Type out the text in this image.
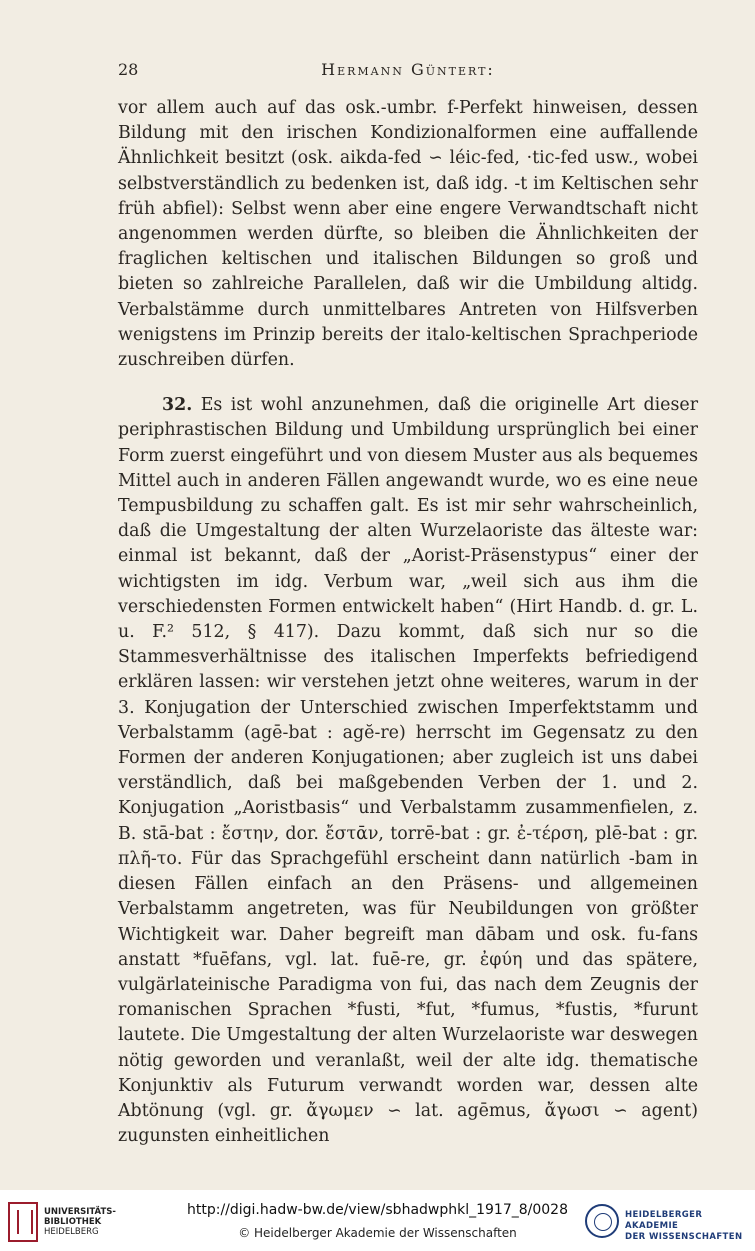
28	Hermann Güntert:

vor allem auch auf das osk.-umbr. f-Perfekt hinweisen, dessen Bildung mit den irischen Kondizionalformen eine auffallende Ähnlichkeit besitzt (osk. aikda-fed ∽ léic-fed, ·tic-fed usw., wobei selbstverständlich zu bedenken ist, daß idg. -t im Keltischen sehr früh abfiel): Selbst wenn aber eine engere Verwandtschaft nicht angenommen werden dürfte, so bleiben die Ähnlichkeiten der fraglichen keltischen und italischen Bildungen so groß und bieten so zahlreiche Parallelen, daß wir die Umbildung altidg. Verbalstämme durch unmittelbares Antreten von Hilfsverben wenigstens im Prinzip bereits der italo-keltischen Sprachperiode zuschreiben dürfen.

32. Es ist wohl anzunehmen, daß die originelle Art dieser periphrastischen Bildung und Umbildung ursprünglich bei einer Form zuerst eingeführt und von diesem Muster aus als bequemes Mittel auch in anderen Fällen angewandt wurde, wo es eine neue Tempusbildung zu schaffen galt. Es ist mir sehr wahrscheinlich, daß die Umgestaltung der alten Wurzelaoriste das älteste war: einmal ist bekannt, daß der „Aorist-Präsenstypus“ einer der wichtigsten im idg. Verbum war, „weil sich aus ihm die verschiedensten Formen entwickelt haben“ (Hirt Handb. d. gr. L. u. F.² 512, § 417). Dazu kommt, daß sich nur so die Stammesverhältnisse des italischen Imperfekts befriedigend erklären lassen: wir verstehen jetzt ohne weiteres, warum in der 3. Konjugation der Unterschied zwischen Imperfektstamm und Verbalstamm (agē-bat : agĕ-re) herrscht im Gegensatz zu den Formen der anderen Konjugationen; aber zugleich ist uns dabei verständlich, daß bei maßgebenden Verben der 1. und 2. Konjugation „Aoristbasis“ und Verbalstamm zusammenfielen, z. B. stā-bat : ἔστην, dor. ἔστᾱν, torrē-bat : gr. ἐ-τέρση, plē-bat : gr. πλῆ-το. Für das Sprachgefühl erscheint dann natürlich -bam in diesen Fällen einfach an den Präsens- und allgemeinen Verbalstamm angetreten, was für Neubildungen von größter Wichtigkeit war. Daher begreift man dābam und osk. fu-fans anstatt *fuēfans, vgl. lat. fuē-re, gr. ἐφύη und das spätere, vulgärlateinische Paradigma von fui, das nach dem Zeugnis der romanischen Sprachen *fusti, *fut, *fumus, *fustis, *furunt lautete. Die Umgestaltung der alten Wurzelaoriste war deswegen nötig geworden und veranlaßt, weil der alte idg. thematische Konjunktiv als Futurum verwandt worden war, dessen alte Abtönung (vgl. gr. ἄγωμεν ∽ lat. agēmus, ἄγωσι ∽ agent) zugunsten einheitlichen

UNIVERSITÄTS-
BIBLIOTHEK
HEIDELBERG
http://digi.hadw-bw.de/view/sbhadwphkl_1917_8/0028
© Heidelberger Akademie der Wissenschaften
HEIDELBERGER AKADEMIE
DER WISSENSCHAFTEN
